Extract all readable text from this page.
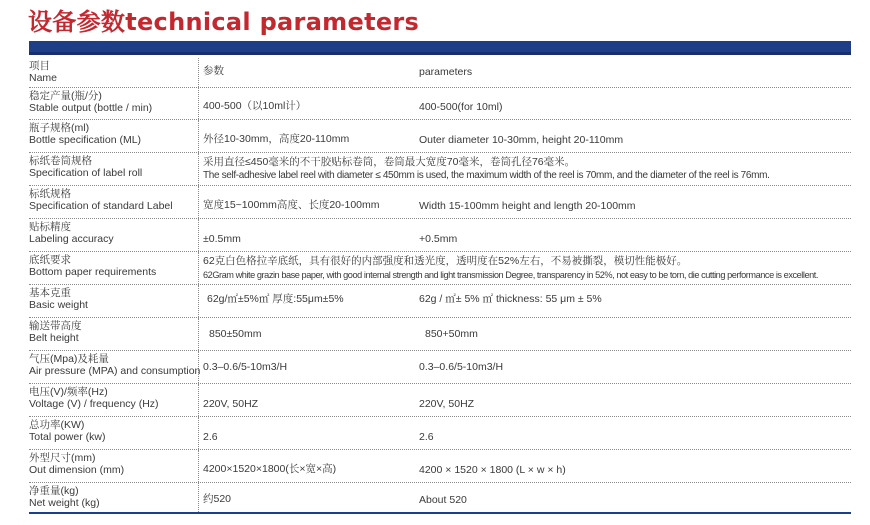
设备参数technical parameters
项目
Name
参数	parameters
稳定产量(瓶/分)
Stable output (bottle / min)	400-500（以10ml计）	400-500(for 10ml)
瓶子规格(ml)
Bottle specification (ML)	外径10-30mm，高度20-110mm	Outer diameter 10-30mm, height 20-110mm
标纸卷筒规格
Specification of label roll
采用直径≤450毫米的不干胶贴标卷筒，卷筒最大宽度70毫米，卷筒孔径76毫米。
The self-adhesive label reel with diameter ≤ 450mm is used, the maximum width of the reel is 70mm, and the diameter of the reel is 76mm.
标纸规格
Specification of standard Label	宽度15~100mm高度、长度20-100mm	Width 15-100mm height and length 20-100mm
贴标精度
Labeling accuracy	±0.5mm	+0.5mm
底纸要求
Bottom paper requirements
62克白色格拉辛底纸，具有很好的内部强度和透光度，透明度在52%左右，不易被撕裂，模切性能极好。
62Gram white grazin base paper, with good internal strength and light transmission Degree, transparency in 52%, not easy to be torn, die cutting performance is excellent.
基本克重
Basic weight	62g/㎡±5%㎡ 厚度:55μm±5%	62g / ㎡± 5% ㎡ thickness: 55 μm ± 5%
输送带高度
Belt height	850±50mm	850+50mm
气压(Mpa)及耗量
Air pressure (MPA) and consumption 0.3–0.6/5-10m3/H	0.3–0.6/5-10m3/H
电压(V)/频率(Hz)
Voltage (V) / frequency (Hz)	220V, 50HZ	220V, 50HZ
总功率(KW)
Total power (kw)	2.6	2.6
外型尺寸(mm)
Out dimension (mm)	4200×1520×1800(长×宽×高)	4200 × 1520 × 1800 (L × w × h)
净重量(kg)
Net weight (kg)	约520	About 520
